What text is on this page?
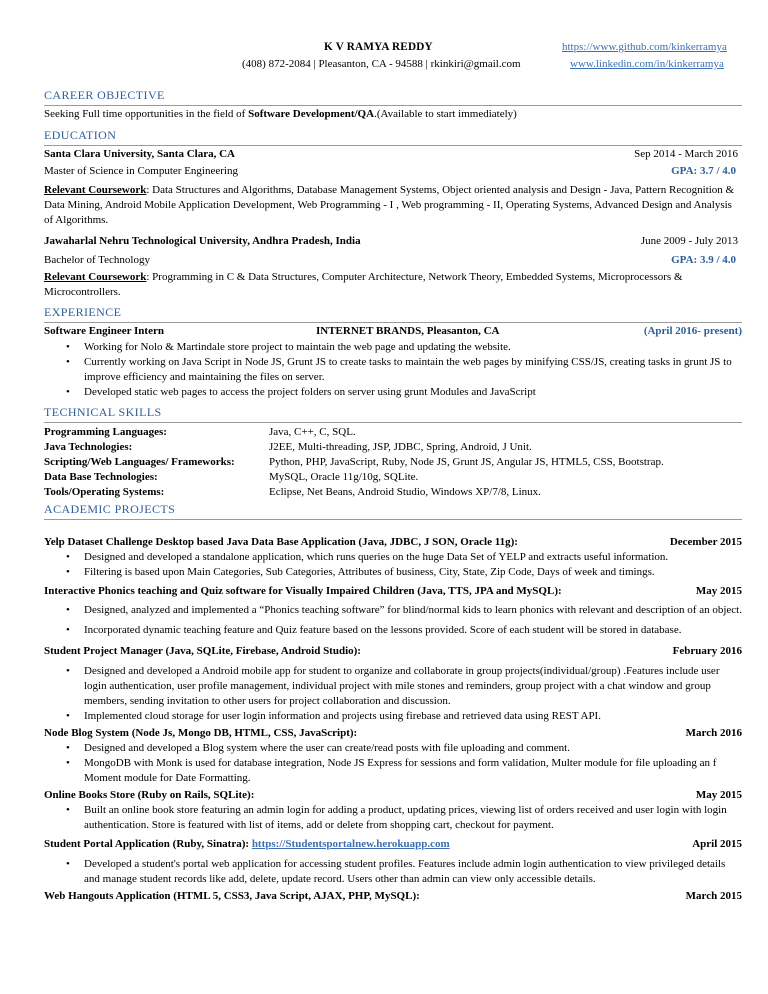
K V RAMYA REDDY
(408) 872-2084 | Pleasanton, CA - 94588 | rkinkiri@gmail.com
https://www.github.com/kinkerramya
www.linkedin.com/in/kinkerramya
CAREER OBJECTIVE
Seeking Full time opportunities in the field of Software Development/QA.(Available to start immediately)
EDUCATION
Santa Clara University, Santa Clara, CA	Sep 2014 - March 2016
Master of Science in Computer Engineering	GPA: 3.7 / 4.0
Relevant Coursework: Data Structures and Algorithms, Database Management Systems, Object oriented analysis and Design - Java, Pattern Recognition & Data Mining, Android Mobile Application Development, Web Programming - I , Web programming - II, Operating Systems, Advanced Design and Analysis of Algorithms.
Jawaharlal Nehru Technological University, Andhra Pradesh, India	June 2009 - July 2013
Bachelor of Technology	GPA: 3.9 / 4.0
Relevant Coursework: Programming in C & Data Structures, Computer Architecture, Network Theory, Embedded Systems, Microprocessors & Microcontrollers.
EXPERIENCE
Software Engineer Intern	INTERNET BRANDS, Pleasanton, CA	(April 2016- present)
• Working for Nolo & Martindale store project to maintain the web page and updating the website.
• Currently working on Java Script in Node JS, Grunt JS to create tasks to maintain the web pages by minifying CSS/JS, creating tasks in grunt JS to improve efficiency and maintaining the files on server.
• Developed static web pages to access the project folders on server using grunt Modules and JavaScript
TECHNICAL SKILLS
Programming Languages:	Java, C++, C, SQL.
Java Technologies:	J2EE, Multi-threading, JSP, JDBC, Spring, Android, J Unit.
Scripting/Web Languages/ Frameworks:	Python, PHP, JavaScript, Ruby, Node JS, Grunt JS, Angular JS, HTML5, CSS, Bootstrap.
Data Base Technologies:	MySQL, Oracle 11g/10g, SQLite.
Tools/Operating Systems:	Eclipse, Net Beans, Android Studio, Windows XP/7/8, Linux.
ACADEMIC PROJECTS
Yelp Dataset Challenge Desktop based Java Data Base Application (Java, JDBC, J SON, Oracle 11g):	December 2015
• Designed and developed a standalone application, which runs queries on the huge Data Set of YELP and extracts useful information.
• Filtering is based upon Main Categories, Sub Categories, Attributes of business, City, State, Zip Code, Days of week and timings.
Interactive Phonics teaching and Quiz software for Visually Impaired Children (Java, TTS, JPA and MySQL):	May 2015
• Designed, analyzed and implemented a “Phonics teaching software” for blind/normal kids to learn phonics with relevant and description of an object.
• Incorporated dynamic teaching feature and Quiz feature based on the lessons provided. Score of each student will be stored in database.
Student Project Manager (Java, SQLite, Firebase, Android Studio):	February 2016
• Designed and developed a Android mobile app for student to organize and collaborate in group projects(individual/group) .Features include user login authentication, user profile management, individual project with mile stones and reminders, group project with a chat window and group members, sending invitation to other users for project collaboration and discussion.
• Implemented cloud storage for user login information and projects using firebase and retrieved data using REST API.
Node Blog System (Node Js, Mongo DB, HTML, CSS, JavaScript):	March 2016
• Designed and developed a Blog system where the user can create/read posts with file uploading and comment.
• MongoDB with Monk is used for database integration, Node JS Express for sessions and form validation, Multer module for file uploading an f Moment module for Date Formatting.
Online Books Store (Ruby on Rails, SQLite):	May 2015
• Built an online book store featuring an admin login for adding a product, updating prices, viewing list of orders received and user login with login authentication. Store is featured with list of items, add or delete from shopping cart, checkout for payment.
Student Portal Application (Ruby, Sinatra): https://Studentsportalnew.herokuapp.com	April 2015
• Developed a student's portal web application for accessing student profiles. Features include admin login authentication to view privileged details and manage student records like add, delete, update record. Users other than admin can view only accessible details.
Web Hangouts Application (HTML 5, CSS3, Java Script, AJAX, PHP, MySQL):	March 2015
